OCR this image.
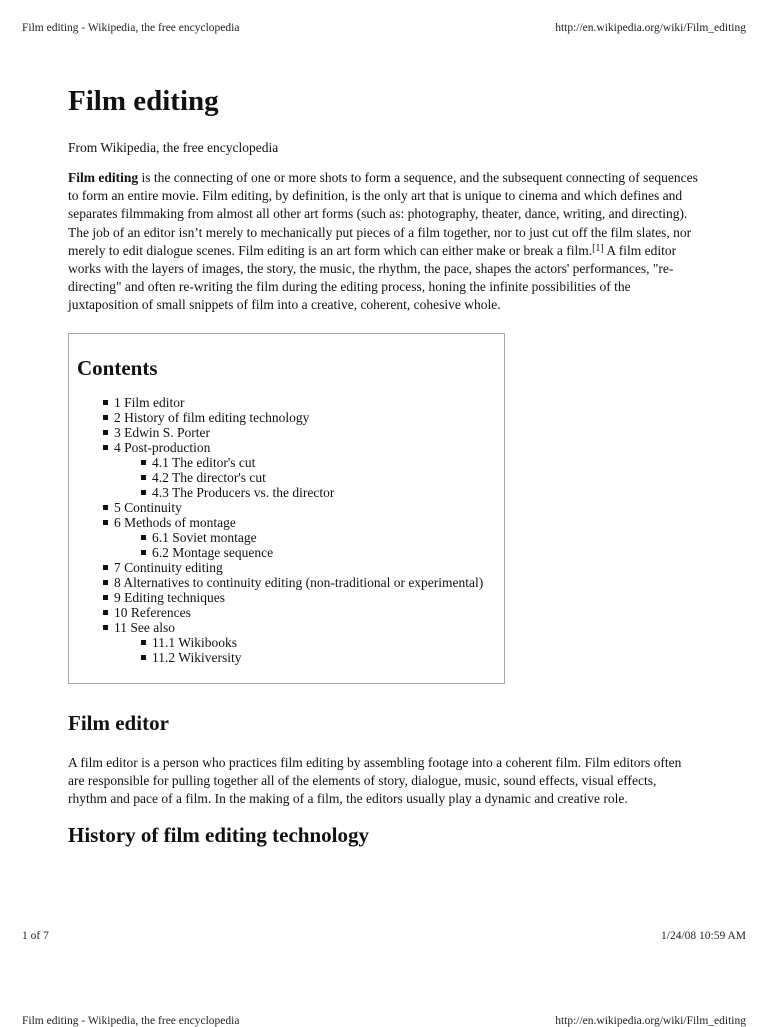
Film editing - Wikipedia, the free encyclopedia	http://en.wikipedia.org/wiki/Film_editing
Film editing
From Wikipedia, the free encyclopedia

Film editing is the connecting of one or more shots to form a sequence, and the subsequent connecting of sequences to form an entire movie. Film editing, by definition, is the only art that is unique to cinema and which defines and separates filmmaking from almost all other art forms (such as: photography, theater, dance, writing, and directing). The job of an editor isn’t merely to mechanically put pieces of a film together, nor to just cut off the film slates, nor merely to edit dialogue scenes. Film editing is an art form which can either make or break a film.[1] A film editor works with the layers of images, the story, the music, the rhythm, the pace, shapes the actors' performances, "re-directing" and often re-writing the film during the editing process, honing the infinite possibilities of the juxtaposition of small snippets of film into a creative, coherent, cohesive whole.

Contents
1 Film editor
2 History of film editing technology
3 Edwin S. Porter
4 Post-production
4.1 The editor's cut
4.2 The director's cut
4.3 The Producers vs. the director
5 Continuity
6 Methods of montage
6.1 Soviet montage
6.2 Montage sequence
7 Continuity editing
8 Alternatives to continuity editing (non-traditional or experimental)
9 Editing techniques
10 References
11 See also
11.1 Wikibooks
11.2 Wikiversity
Film editor

A film editor is a person who practices film editing by assembling footage into a coherent film. Film editors often are responsible for pulling together all of the elements of story, dialogue, music, sound effects, visual effects, rhythm and pace of a film. In the making of a film, the editors usually play a dynamic and creative role.

History of film editing technology
1 of 7	1/24/08 10:59 AM
Film editing - Wikipedia, the free encyclopedia	http://en.wikipedia.org/wiki/Film_editing
